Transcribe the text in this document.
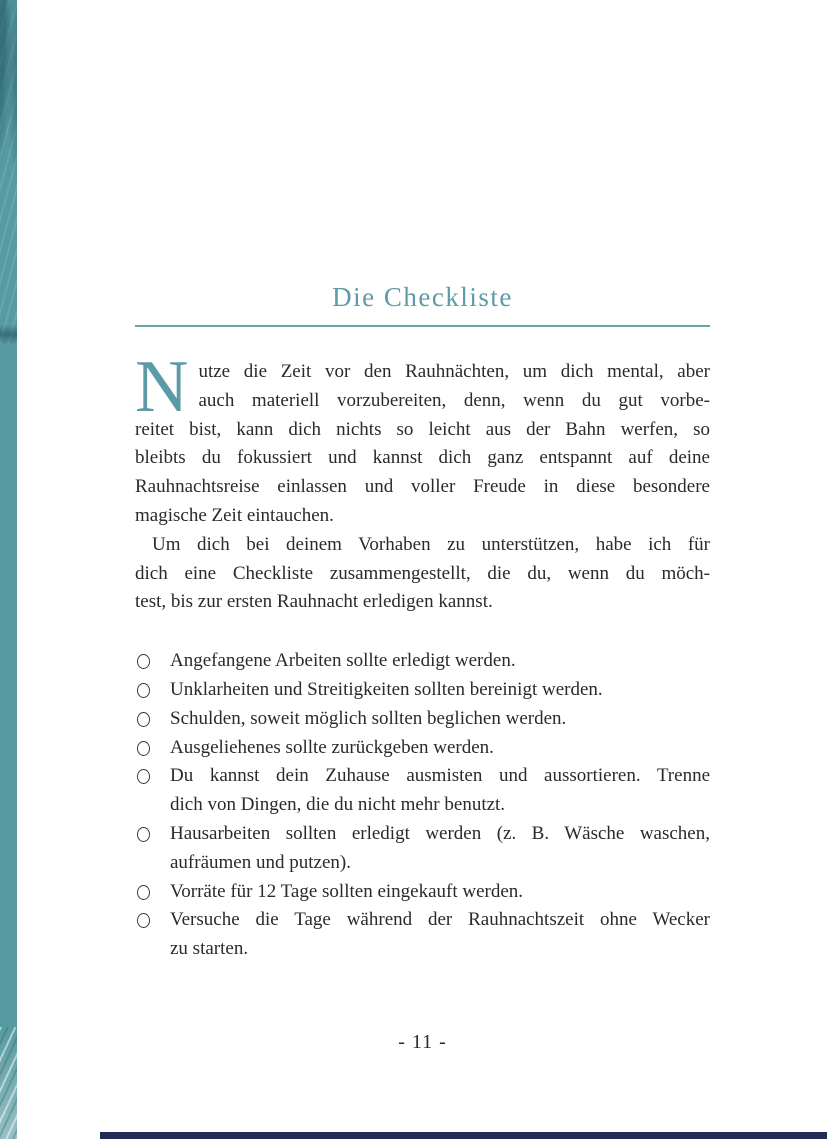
Die Checkliste
N utze die Zeit vor den Rauhnächten, um dich mental, aber
auch materiell vorzubereiten, denn, wenn du gut vorbe-
reitet bist, kann dich nichts so leicht aus der Bahn werfen, so
bleibts du fokussiert und kannst dich ganz entspannt auf deine
Rauhnachtsreise einlassen und voller Freude in diese besondere
magische Zeit eintauchen.
Um dich bei deinem Vorhaben zu unterstützen, habe ich für
dich eine Checkliste zusammengestellt, die du, wenn du möch-
test, bis zur ersten Rauhnacht erledigen kannst.
Angefangene Arbeiten sollte erledigt werden.
Unklarheiten und Streitigkeiten sollten bereinigt werden.
Schulden, soweit möglich sollten beglichen werden.
Ausgeliehenes sollte zurückgeben werden.
Du kannst dein Zuhause ausmisten und aussortieren. Trenne
dich von Dingen, die du nicht mehr benutzt.
Hausarbeiten sollten erledigt werden (z. B. Wäsche waschen,
aufräumen und putzen).
Vorräte für 12 Tage sollten eingekauft werden.
Versuche die Tage während der Rauhnachtszeit ohne Wecker
zu starten.
- 11 -
